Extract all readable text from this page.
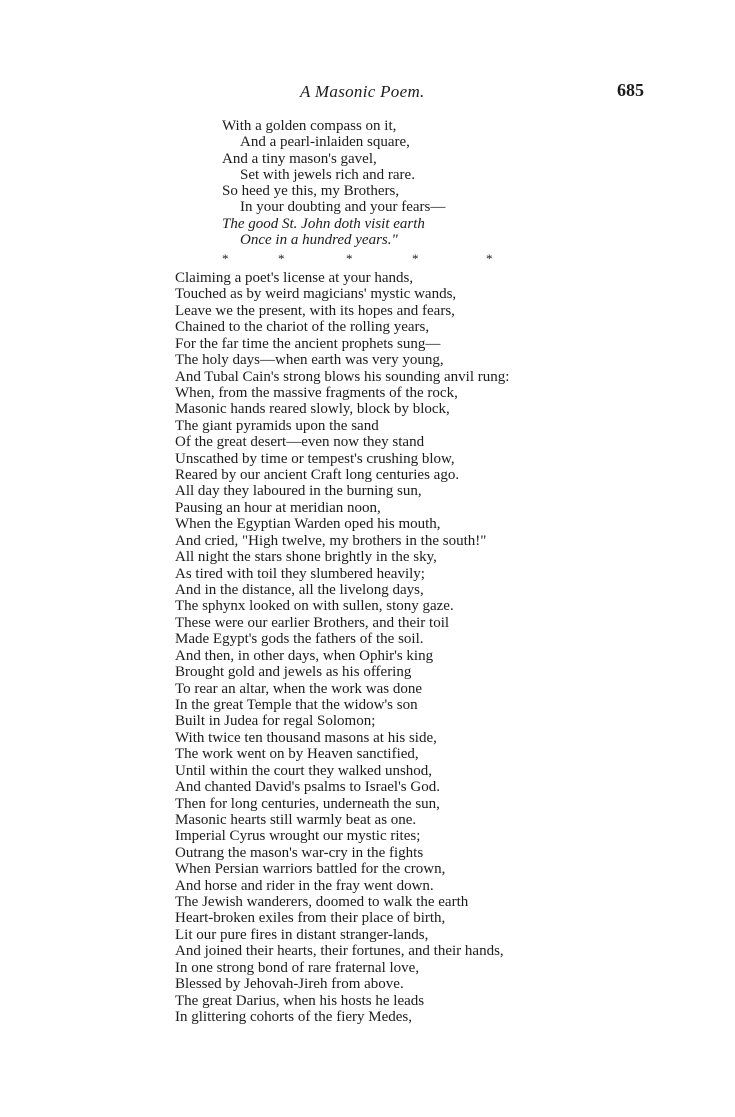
A Masonic Poem.	685
With a golden compass on it,
And a pearl-inlaiden square,
And a tiny mason's gavel,
Set with jewels rich and rare.
So heed ye this, my Brothers,
In your doubting and your fears—
The good St. John doth visit earth
Once in a hundred years."
*	*	*	*	*
Claiming a poet's license at your hands,
Touched as by weird magicians' mystic wands,
Leave we the present, with its hopes and fears,
Chained to the chariot of the rolling years,
For the far time the ancient prophets sung—
The holy days—when earth was very young,
And Tubal Cain's strong blows his sounding anvil rung:
When, from the massive fragments of the rock,
Masonic hands reared slowly, block by block,
The giant pyramids upon the sand
Of the great desert—even now they stand
Unscathed by time or tempest's crushing blow,
Reared by our ancient Craft long centuries ago.
All day they laboured in the burning sun,
Pausing an hour at meridian noon,
When the Egyptian Warden oped his mouth,
And cried, "High twelve, my brothers in the south!"
All night the stars shone brightly in the sky,
As tired with toil they slumbered heavily;
And in the distance, all the livelong days,
The sphynx looked on with sullen, stony gaze.
These were our earlier Brothers, and their toil
Made Egypt's gods the fathers of the soil.
And then, in other days, when Ophir's king
Brought gold and jewels as his offering
To rear an altar, when the work was done
In the great Temple that the widow's son
Built in Judea for regal Solomon;
With twice ten thousand masons at his side,
The work went on by Heaven sanctified,
Until within the court they walked unshod,
And chanted David's psalms to Israel's God.
Then for long centuries, underneath the sun,
Masonic hearts still warmly beat as one.
Imperial Cyrus wrought our mystic rites;
Outrang the mason's war-cry in the fights
When Persian warriors battled for the crown,
And horse and rider in the fray went down.
The Jewish wanderers, doomed to walk the earth
Heart-broken exiles from their place of birth,
Lit our pure fires in distant stranger-lands,
And joined their hearts, their fortunes, and their hands,
In one strong bond of rare fraternal love,
Blessed by Jehovah-Jireh from above.
The great Darius, when his hosts he leads
In glittering cohorts of the fiery Medes,
